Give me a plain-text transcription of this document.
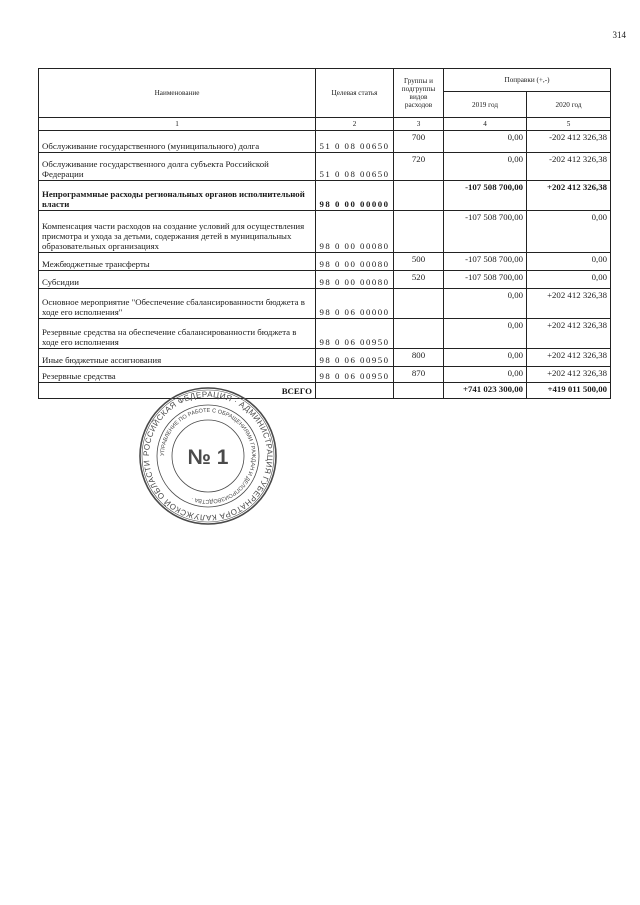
314
Наименование	Целевая статья	Группы и подгруппы видов расходов	Поправки (+,-)	
			2019 год	2020 год
1	2	3	4	5
Обслуживание государственного (муниципального) долга	51 0 08 00650	700	0,00	-202 412 326,38
Обслуживание государственного долга субъекта Российской Федерации	51 0 08 00650	720	0,00	-202 412 326,38
Непрограммные расходы региональных органов исполнительной власти	98 0 00 00000		-107 508 700,00	+202 412 326,38
Компенсация части расходов на создание условий для осуществления присмотра и ухода за детьми, содержания детей в муниципальных образовательных организациях	98 0 00 00080		-107 508 700,00	0,00
Межбюджетные трансферты	98 0 00 00080	500	-107 508 700,00	0,00
Субсидии	98 0 00 00080	520	-107 508 700,00	0,00
Основное мероприятие "Обеспечение сбалансированности бюджета в ходе его исполнения"	98 0 06 00000		0,00	+202 412 326,38
Резервные средства на обеспечение сбалансированности бюджета в ходе его исполнения	98 0 06 00950		0,00	+202 412 326,38
Иные бюджетные ассигнования	98 0 06 00950	800	0,00	+202 412 326,38
Резервные средства	98 0 06 00950	870	0,00	+202 412 326,38
ВСЕГО			+741 023 300,00	+419 011 500,00
РОССИЙСКАЯ ФЕДЕРАЦИЯ · АДМИНИСТРАЦИЯ ГУБЕРНАТОРА КАЛУЖСКОЙ ОБЛАСТИ
УПРАВЛЕНИЕ ПО РАБОТЕ С ОБРАЩЕНИЯМИ ГРАЖДАН И ДЕЛОПРОИЗВОДСТВА ·
№ 1
